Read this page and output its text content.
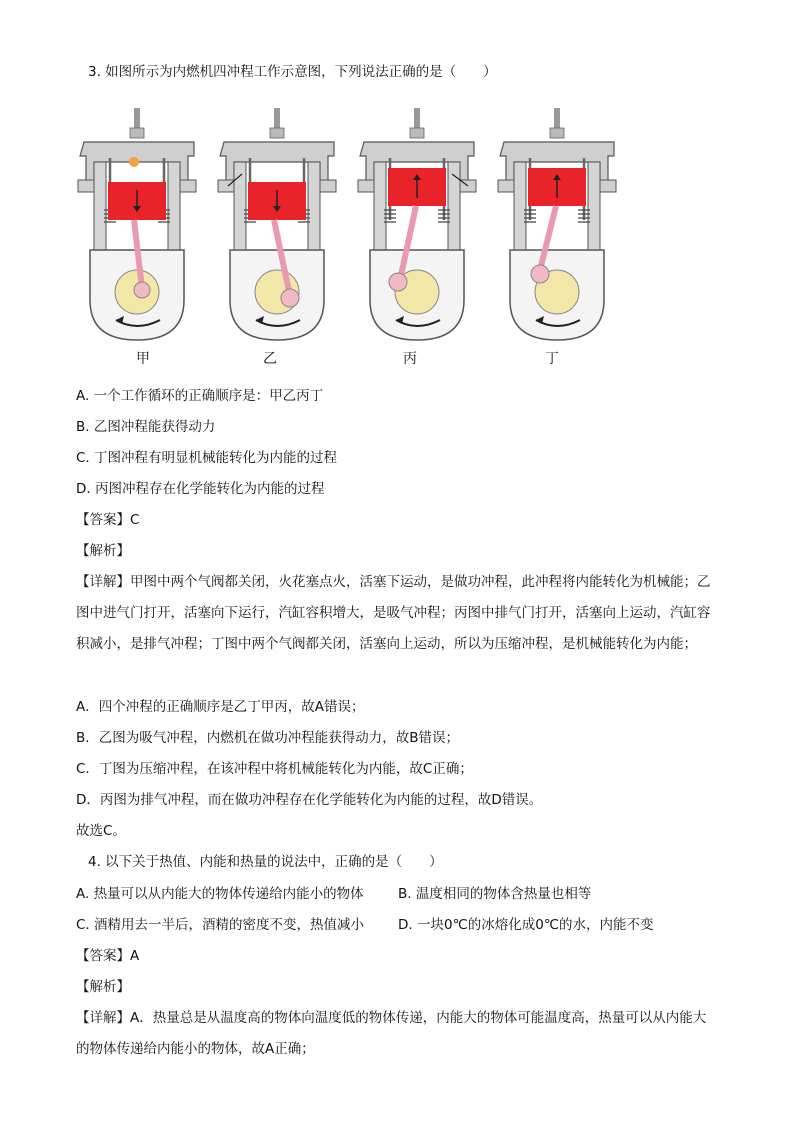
3. 如图所示为内燃机四冲程工作示意图，下列说法正确的是（　　）
甲	乙	丙	丁
A. 一个工作循环的正确顺序是：甲乙丙丁
B. 乙图冲程能获得动力
C. 丁图冲程有明显机械能转化为内能的过程
D. 丙图冲程存在化学能转化为内能的过程
【答案】C
【解析】
【详解】甲图中两个气阀都关闭，火花塞点火，活塞下运动，是做功冲程，此冲程将内能转化为机械能；乙图中进气门打开，活塞向下运行，汽缸容积增大，是吸气冲程；丙图中排气门打开，活塞向上运动，汽缸容积减小，是排气冲程；丁图中两个气阀都关闭，活塞向上运动，所以为压缩冲程，是机械能转化为内能；
A．四个冲程的正确顺序是乙丁甲丙，故A错误；
B．乙图为吸气冲程，内燃机在做功冲程能获得动力，故B错误；
C．丁图为压缩冲程，在该冲程中将机械能转化为内能，故C正确；
D．丙图为排气冲程，而在做功冲程存在化学能转化为内能的过程，故D错误。
故选C。
4. 以下关于热值、内能和热量的说法中，正确的是（　　）
A. 热量可以从内能大的物体传递给内能小的物体	B. 温度相同的物体含热量也相等
C. 酒精用去一半后，酒精的密度不变，热值减小	D. 一块0℃的冰熔化成0℃的水，内能不变
【答案】A
【解析】
【详解】A．热量总是从温度高的物体向温度低的物体传递，内能大的物体可能温度高，热量可以从内能大的物体传递给内能小的物体，故A正确；
